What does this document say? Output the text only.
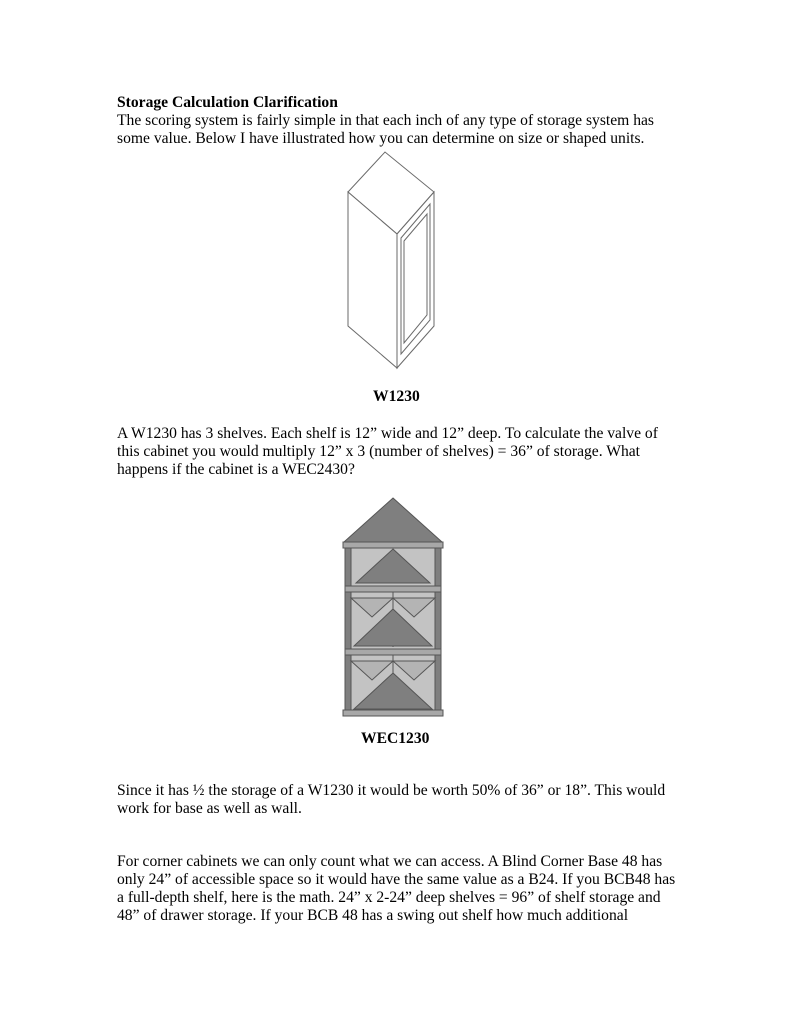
Storage Calculation Clarification
The scoring system is fairly simple in that each inch of any type of storage system has
some value. Below I have illustrated how you can determine on size or shaped units.
W1230
A W1230 has 3 shelves. Each shelf is 12” wide and 12” deep. To calculate the valve of
this cabinet you would multiply 12” x 3 (number of shelves) = 36” of storage. What
happens if the cabinet is a WEC2430?
WEC1230
Since it has ½ the storage of a W1230 it would be worth 50% of 36” or 18”. This would
work for base as well as wall.
For corner cabinets we can only count what we can access. A Blind Corner Base 48 has
only 24” of accessible space so it would have the same value as a B24. If you BCB48 has
a full-depth shelf, here is the math. 24” x 2-24” deep shelves = 96” of shelf storage and
48” of drawer storage. If your BCB 48 has a swing out shelf how much additional
